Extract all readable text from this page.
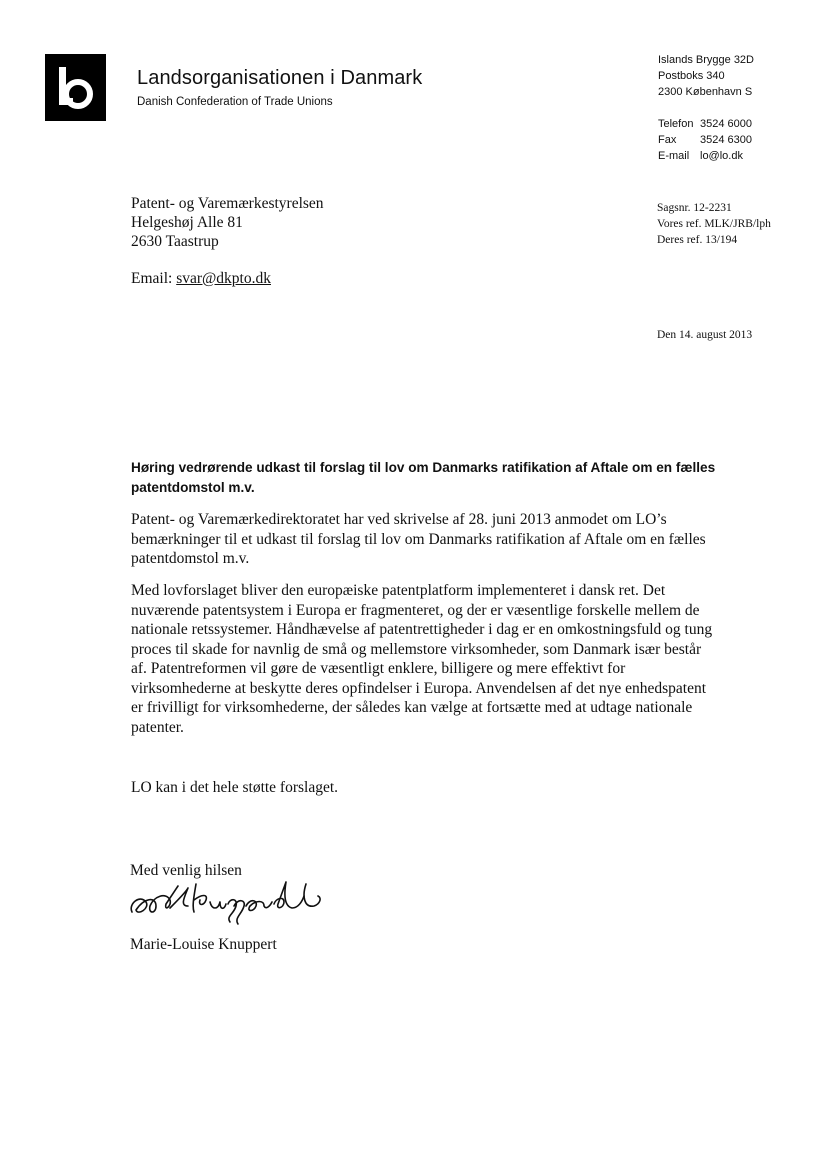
Landsorganisationen i Danmark
Danish Confederation of Trade Unions
Islands Brygge 32D
Postboks 340
2300 København S
Telefon 3524 6000
Fax 3524 6300
E-mail lo@lo.dk
Patent- og Varemærkestyrelsen
Helgeshøj Alle 81
2630 Taastrup
Email: svar@dkpto.dk
Sagsnr. 12-2231
Vores ref. MLK/JRB/lph
Deres ref. 13/194
Den 14. august 2013
Høring vedrørende udkast til forslag til lov om Danmarks ratifikation af Aftale om en fælles patentdomstol m.v.
Patent- og Varemærkedirektoratet har ved skrivelse af 28. juni 2013 anmodet om LO’s bemærkninger til et udkast til forslag til lov om Danmarks ratifikation af Aftale om en fælles patentdomstol m.v.
Med lovforslaget bliver den europæiske patentplatform implementeret i dansk ret. Det nuværende patentsystem i Europa er fragmenteret, og der er væsentlige forskelle mellem de nationale retssystemer. Håndhævelse af patentrettigheder i dag er en omkostningsfuld og tung proces til skade for navnlig de små og mellemstore virksomheder, som Danmark især består af. Patentreformen vil gøre de væsentligt enklere, billigere og mere effektivt for virksomhederne at beskytte deres opfindelser i Europa. Anvendelsen af det nye enhedspatent er frivilligt for virksomhederne, der således kan vælge at fortsætte med at udtage nationale patenter.
LO kan i det hele støtte forslaget.
Med venlig hilsen
Marie-Louise Knuppert
